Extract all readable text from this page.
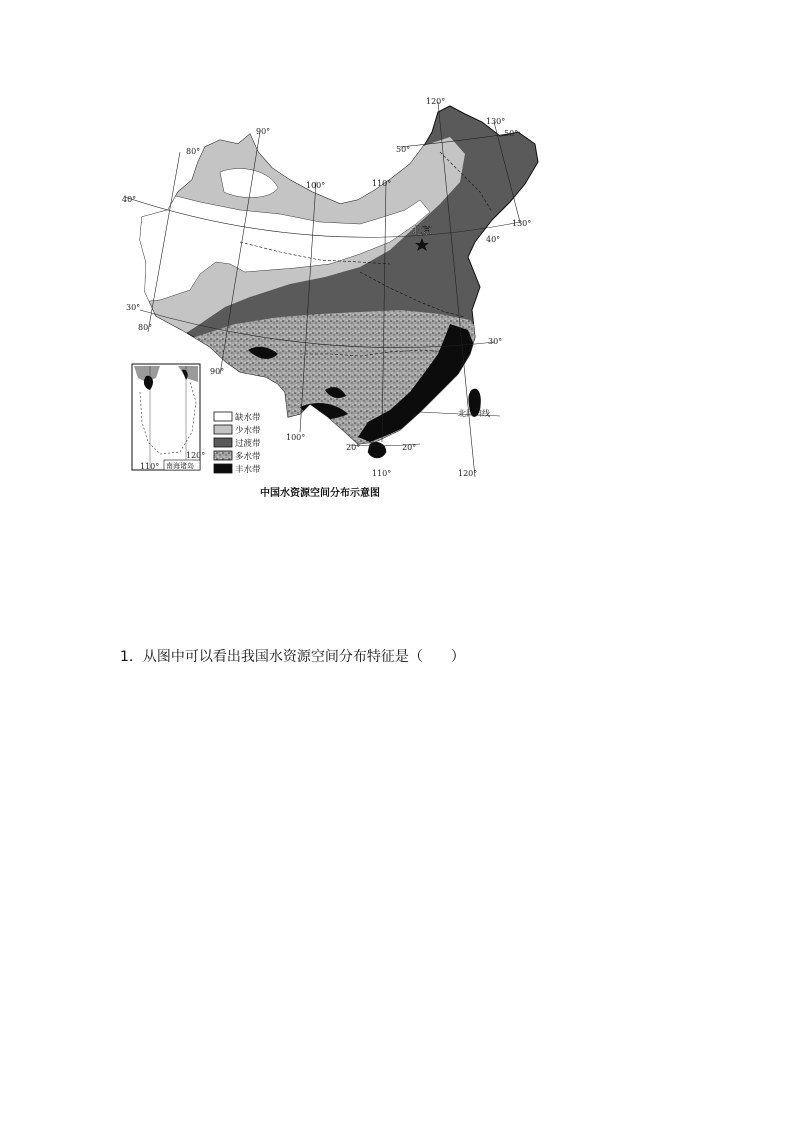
北京
北回归线
80°
90°
100°	110°
120°
130°
80°
90°
100°
110°	120°
130°
50°
50°
40°
40°
30°
30°
20°	20°
110°
120°
南海诸岛
缺水带
少水带
过渡带
多水带
丰水带
中国水资源空间分布示意图
1．从图中可以看出我国水资源空间分布特征是（　　）
